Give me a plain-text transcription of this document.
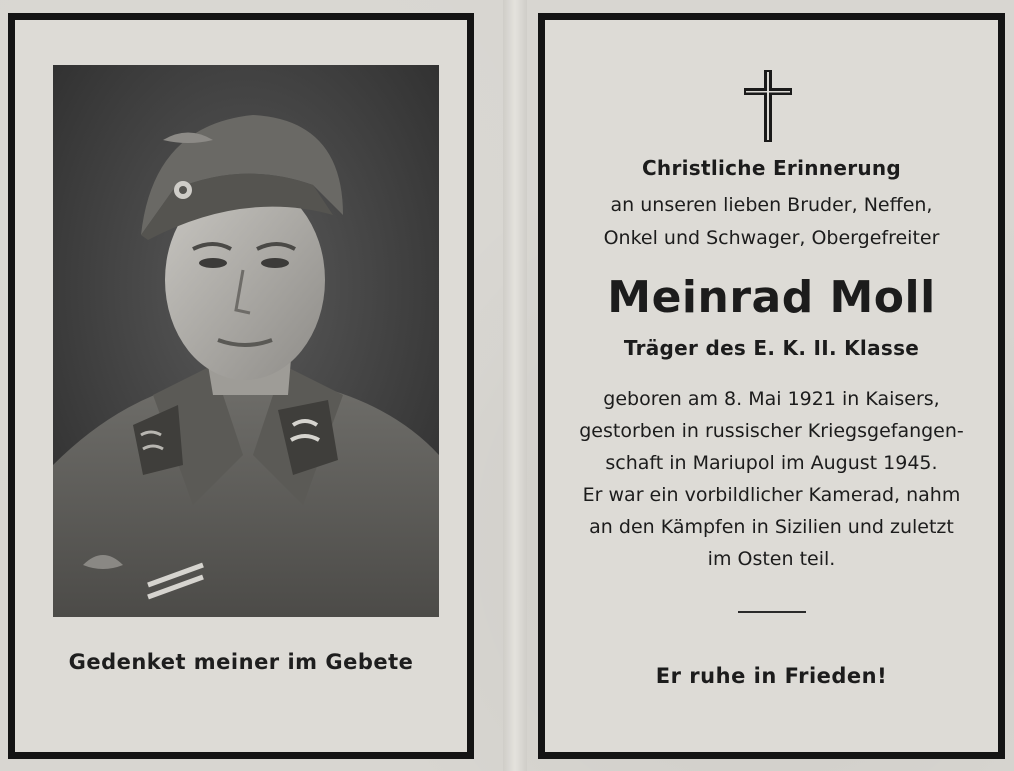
Gedenket meiner im Gebete
Christliche Erinnerung
an unseren lieben Bruder, Neffen,
Onkel und Schwager, Obergefreiter
Meinrad Moll
Träger des E. K. II. Klasse
geboren am 8. Mai 1921 in Kaisers,
gestorben in russischer Kriegsgefangen-
schaft in Mariupol im August 1945.
Er war ein vorbildlicher Kamerad, nahm
an den Kämpfen in Sizilien und zuletzt
im Osten teil.
Er ruhe in Frieden!
